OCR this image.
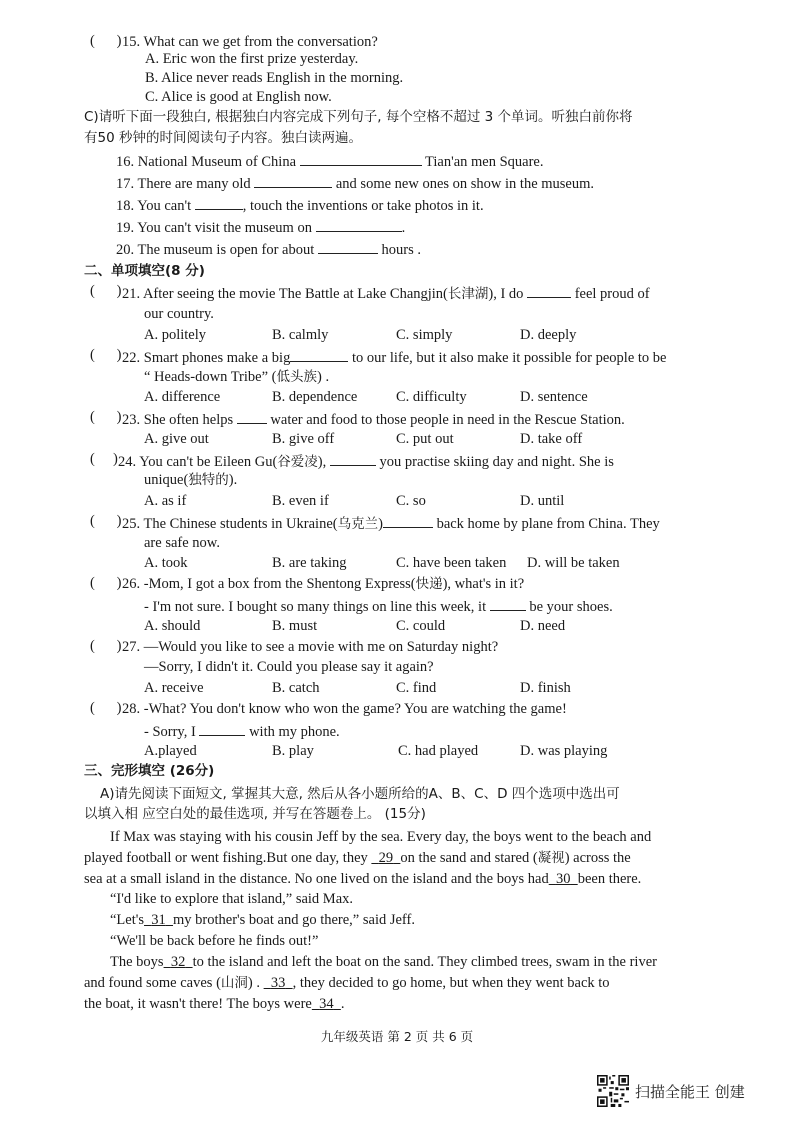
(      ) 15. What can we get from the conversation?
A. Eric won the first prize yesterday.
B. Alice never reads English in the morning.
C. Alice is good at English now.
C)请听下面一段独白, 根据独白内容完成下列句子, 每个空格不超过 3 个单词。听独白前你将
有50 秒钟的时间阅读句子内容。独白读两遍。
16. National Museum of China	Tian'an men Square.
17. There are many old	and some new ones on show in the museum.
18. You can't	, touch the inventions or take photos in it.
19. You can't visit the museum on	.
20. The museum is open for about	hours .
二、单项填空(8 分)
(      ) 21. After seeing the movie The Battle at Lake Changjin(长津湖), I do	feel proud of
our country.
A. politely	B. calmly	C. simply	D. deeply
(      ) 22. Smart phones make a big	to our life, but it also make it possible for people to be
“ Heads-down Tribe” (低头族) .
A. difference	B. dependence	C. difficulty	D. sentence
(      ) 23. She often helps  water and food to those people in need in the Rescue Station.
A. give out	B. give off	C. put out	D. take off
(     ) 24. You can't be Eileen Gu(谷爱凌),	you practise skiing day and night. She is
unique(独特的).
A. as if	B. even if	C. so	D. until
(      ) 25. The Chinese students in Ukraine(乌克兰)	back home by plane from China. They
are safe now.
A. took	B. are taking	C. have been taken D. will be taken
(      ) 26. -Mom, I got a box from the Shentong Express(快递), what's in it?
- I'm not sure. I bought so many things on line this week, it  be your shoes.
A. should	B. must	C. could	D. need
(      ) 27. —Would you like to see a movie with me on Saturday night?
—Sorry, I didn't it. Could you please say it again?
A. receive	B. catch	C. find	D. finish
(      ) 28. -What? You don't know who won the game? You are watching the game!
- Sorry, I	with my phone.
A.played	B. play	C. had played	D. was playing
三、完形填空 (26分)
A)请先阅读下面短文, 掌握其大意, 然后从各小题所给的A、B、C、D 四个选项中选出可
以填入相 应空白处的最佳选项, 并写在答题卷上。 (15分)
If Max was staying with his cousin Jeff by the sea. Every day, the boys went to the beach and
played football or went fishing.But one day, they   29 on the sand and stared (凝视) across the
sea at a small island in the distance. No one lived on the island and the boys had 30 been there.
“I'd like to explore that island,” said Max.
“Let's 31 my brother's boat and go there,” said Jeff.
“We'll be back before he finds out!”
The boys 32 to the island and left the boat on the sand. They climbed trees, swam in the river
and found some caves (山洞) .   33 , they decided to go home, but when they went back to
the boat, it wasn't there! The boys were 34 .
九年级英语 第 2 页 共 6 页
扫描全能王 创建
